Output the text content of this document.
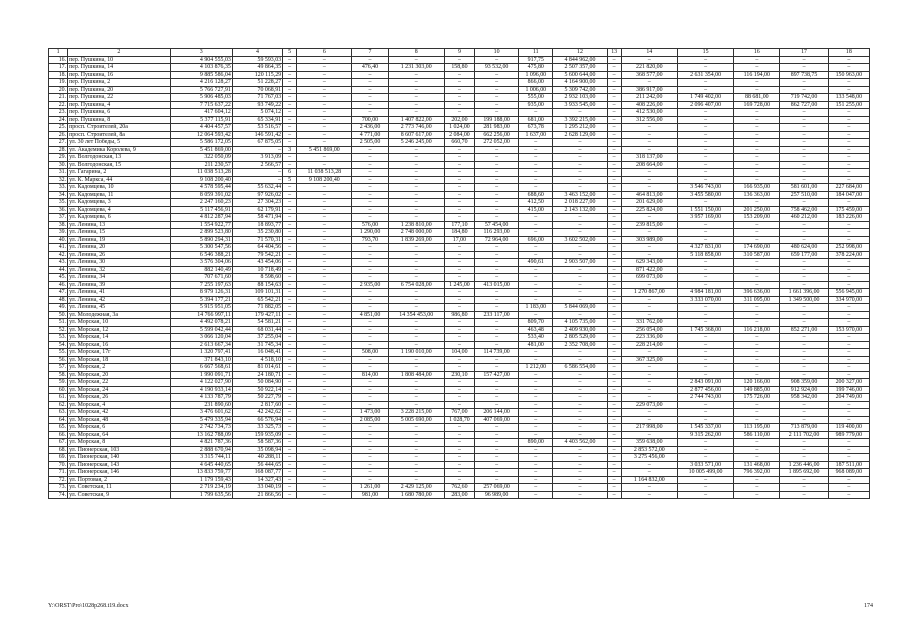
1	2	3	4	5	6	7	8	9	10	11	12	13	14	15	16	17	18
16.	пер. Пушкина, 10	4 904 555,03	59 593,03	–	–	–	–	–	–	917,75	4 844 962,00	–	–	–	–	–	–
17.	пер. Пушкина, 14	4 103 876,35	49 864,35	–	–	476,40	1 231 303,00	158,80	93 532,00	475,80	2 507 357,00	–	221 820,00	–	–	–	–
18.	пер. Пушкина, 16	9 885 586,04	120 115,29	–	–	–	–	–	–	1 096,00	5 600 644,00	–	368 577,00	2 631 354,00	116 194,00	897 738,75	150 963,00
19.	пер. Пушкина, 2	4 216 128,27	51 228,27	–	–	–	–	–	–	866,00	4 164 900,00	–	–	–	–	–	–
20.	пер. Пушкина, 20	5 766 727,91	70 068,91	–	–	–	–	–	–	1 006,00	5 309 742,00	–	386 917,00	–	–	–	–
21.	пер. Пушкина, 22	5 906 485,03	71 767,03	–	–	–	–	–	–	555,00	2 932 103,00	–	211 242,00	1 749 402,00	88 681,00	719 742,00	133 548,00
22.	пер. Пушкина, 4	7 715 637,22	93 749,22	–	–	–	–	–	–	935,00	3 933 545,00	–	408 226,00	2 096 407,00	169 728,00	862 727,00	151 255,00
23.	пер. Пушкина, 6	417 604,12	5 074,12	–	–	–	–	–	–	–	–	–	412 530,00	–	–	–	–
24.	пер. Пушкина, 8	5 377 115,91	65 334,91	–	–	700,00	1 407 822,00	202,00	199 188,00	681,00	3 392 215,00	–	312 556,00	–	–	–	–
25.	просп. Строителей, 20а	4 404 457,57	53 516,57	–	–	2 436,00	2 773 746,00	1 024,00	281 983,00	673,78	1 295 212,00	–	–	–	–	–	–
26.	просп. Строителей, 8а	12 064 593,42	146 591,42	–	–	4 771,00	8 607 617,00	2 084,00	662 256,00	1 637,00	2 628 129,00	–	–	–	–	–	–
27.	ул. 30 лет Победы, 5	5 586 172,05	67 875,05	–	–	2 505,00	5 246 245,00	660,70	272 052,00	–	–	–	–	–	–	–	–
28.	ул. Академика Королева, 9	5 451 869,00	–	3	5 451 869,00	–	–	–	–	–	–	–	–	–	–	–	–
29.	ул. Волгодонская, 13	322 050,09	3 913,09	–	–	–	–	–	–	–	–	–	318 137,00	–	–	–	–
30.	ул. Волгодонская, 15	211 230,57	2 566,57	–	–	–	–	–	–	–	–	–	208 664,00	–	–	–	–
31.	ул. Гагарина, 2	11 038 513,28	–	6	11 038 513,28	–	–	–	–	–	–	–	–	–	–	–	–
32.	ул. К. Маркса, 44	9 108 200,40	–	5	9 108 200,40	–	–	–	–	–	–	–	–	–	–	–	–
33.	ул. Кадомцева, 10	4 578 595,44	55 632,44	–	–	–	–	–	–	–	–	–	–	3 546 743,00	166 935,00	581 601,00	227 684,00
34.	ул. Кадомцева, 11	8 059 391,02	97 926,02	–	–	–	–	–	–	688,60	3 463 152,00	–	464 813,00	3 455 580,00	136 363,00	257 510,00	184 047,00
35.	ул. Кадомцева, 3	2 247 160,23	27 304,23	–	–	–	–	–	–	412,50	2 018 227,00	–	201 629,00	–	–	–	–
36.	ул. Кадомцева, 4	5 117 456,91	62 179,91	–	–	–	–	–	–	415,00	2 143 132,00	–	225 824,00	1 551 150,00	201 250,00	758 462,00	175 459,00
37.	ул. Кадомцева, 6	4 812 287,94	58 471,94	–	–	–	–	–	–	–	–	–	–	3 957 169,00	153 209,00	460 212,00	183 226,00
38.	ул. Ленина, 13	1 554 922,77	18 893,77	–	–	576,00	1 238 810,00	177,10	57 454,00	–	–	–	239 815,00	–	–	–	–
39.	ул. Ленина, 15	2 899 523,80	35 230,80	–	–	1 290,00	2 748 000,00	184,80	116 293,00	–	–	–	–	–	–	–	–
40.	ул. Ленина, 19	5 890 294,31	71 570,31	–	–	793,70	1 839 269,00	17,00	72 964,00	696,00	3 602 502,00	–	303 989,00	–	–	–	–
41.	ул. Ленина, 20	5 300 547,56	64 404,56	–	–	–	–	–	–	–	–	–	–	4 327 831,00	174 690,00	480 624,00	252 998,00
42.	ул. Ленина, 26	6 546 388,21	79 542,21	–	–	–	–	–	–	–	–	–	–	5 118 858,00	310 587,00	659 177,00	378 224,00
43.	ул. Ленина, 30	3 576 304,06	43 454,06	–	–	–	–	–	–	490,61	2 903 507,00	–	629 343,00	–	–	–	–
44.	ул. Ленина, 32	882 140,49	10 718,49	–	–	–	–	–	–	–	–	–	871 422,00	–	–	–	–
45.	ул. Ленина, 34	707 671,60	8 598,60	–	–	–	–	–	–	–	–	–	699 073,00	–	–	–	–
46.	ул. Ленина, 39	7 255 197,63	88 154,63	–	–	2 935,00	6 754 028,00	1 245,00	413 015,00	–	–	–	–	–	–	–	–
47.	ул. Ленина, 41	8 979 126,31	109 101,31	–	–	–	–	–	–	–	–	–	1 270 867,00	4 984 181,00	396 636,00	1 661 396,00	556 945,00
48.	ул. Ленина, 42	5 394 177,21	65 542,21	–	–	–	–	–	–	–	–	–	–	3 333 070,00	311 095,00	1 349 500,00	334 970,00
49.	ул. Ленина, 45	5 915 951,05	71 882,05	–	–	–	–	–	–	1 183,00	5 844 069,00	–	–	–	–	–	–
50.	ул. Молодежная, 3а	14 766 997,11	179 427,11	–	–	4 851,00	14 354 453,00	986,80	233 117,00	–	–	–	–	–	–	–	–
51.	ул. Морская, 10	4 492 078,21	54 581,21	–	–	–	–	–	–	809,70	4 105 735,00	–	331 762,00	–	–	–	–
52.	ул. Морская, 12	5 599 042,44	68 031,44	–	–	–	–	–	–	463,48	2 409 930,00	–	256 054,00	1 745 368,00	116 218,00	852 271,00	153 970,00
53.	ул. Морская, 14	3 066 120,04	37 255,04	–	–	–	–	–	–	533,40	2 805 529,00	–	223 336,00	–	–	–	–
54.	ул. Морская, 16	2 613 667,34	31 745,34	–	–	–	–	–	–	481,00	2 352 708,00	–	228 214,00	–	–	–	–
55.	ул. Морская, 17г	1 320 797,41	16 048,41	–	–	508,00	1 190 010,00	104,00	114 739,00	–	–	–	–	–	–	–	–
56.	ул. Морская, 18	371 843,10	4 518,10	–	–	–	–	–	–	–	–	–	367 325,00	–	–	–	–
57.	ул. Морская, 2	6 667 568,61	81 014,61	–	–	–	–	–	–	1 212,00	6 586 554,00	–	–	–	–	–	–
58.	ул. Морская, 20	1 990 091,71	24 180,71	–	–	814,00	1 808 484,00	230,10	157 427,00	–	–	–	–	–	–	–	–
59.	ул. Морская, 22	4 122 027,90	50 084,90	–	–	–	–	–	–	–	–	–	–	2 843 091,00	120 166,00	908 359,00	200 327,00
60.	ул. Морская, 24	4 190 933,14	50 922,14	–	–	–	–	–	–	–	–	–	–	2 877 456,00	149 885,00	912 924,00	199 746,00
61.	ул. Морская, 26	4 133 787,79	50 227,79	–	–	–	–	–	–	–	–	–	–	2 744 743,00	175 726,00	958 342,00	204 749,00
62.	ул. Морская, 4	231 890,60	2 817,60	–	–	–	–	–	–	–	–	–	229 073,00	–	–	–	–
63.	ул. Морская, 42	3 476 601,62	42 242,62	–	–	1 473,00	3 228 215,00	767,00	206 144,00	–	–	–	–	–	–	–	–
64.	ул. Морская, 48	5 479 335,94	66 576,94	–	–	2 085,00	5 005 690,00	1 028,70	407 069,00	–	–	–	–	–	–	–	–
65.	ул. Морская, 6	2 742 734,73	33 325,73	–	–	–	–	–	–	–	–	–	217 998,00	1 545 337,00	113 195,00	713 879,00	119 400,00
66.	ул. Морская, 64	13 162 788,09	159 935,09	–	–	–	–	–	–	–	–	–	–	9 315 262,00	586 110,00	2 111 702,00	989 779,00
67.	ул. Морская, 8	4 821 787,36	58 587,36	–	–	–	–	–	–	890,00	4 403 562,00	–	359 638,00	–	–	–	–
68.	ул. Пионерская, 103	2 888 670,94	35 098,94	–	–	–	–	–	–	–	–	–	2 853 572,00	–	–	–	–
69.	ул. Пионерская, 140	3 315 744,11	40 288,11	–	–	–	–	–	–	–	–	–	3 275 456,00	–	–	–	–
70.	ул. Пионерская, 143	4 645 440,65	56 444,65	–	–	–	–	–	–	–	–	–	–	3 033 571,00	131 468,00	1 236 446,00	187 511,00
71.	ул. Пионерская, 146	13 833 759,77	168 087,77	–	–	–	–	–	–	–	–	–	–	10 005 499,00	796 392,00	1 895 692,00	968 089,00
72.	ул. Портовая, 2	1 179 159,43	14 327,43	–	–	–	–	–	–	–	–	–	1 164 832,00	–	–	–	–
73.	ул. Советская, 11	2 719 234,19	33 040,19	–	–	1 261,00	2 429 125,00	762,60	257 069,00	–	–	–	–	–	–	–	–
74.	ул. Советская, 9	1 799 635,56	21 866,56	–	–	981,00	1 680 780,00	283,00	96 989,00	–	–	–	–	–	–	–	–
Y:\ORST\Pro\1028p268.t19.docx	174
